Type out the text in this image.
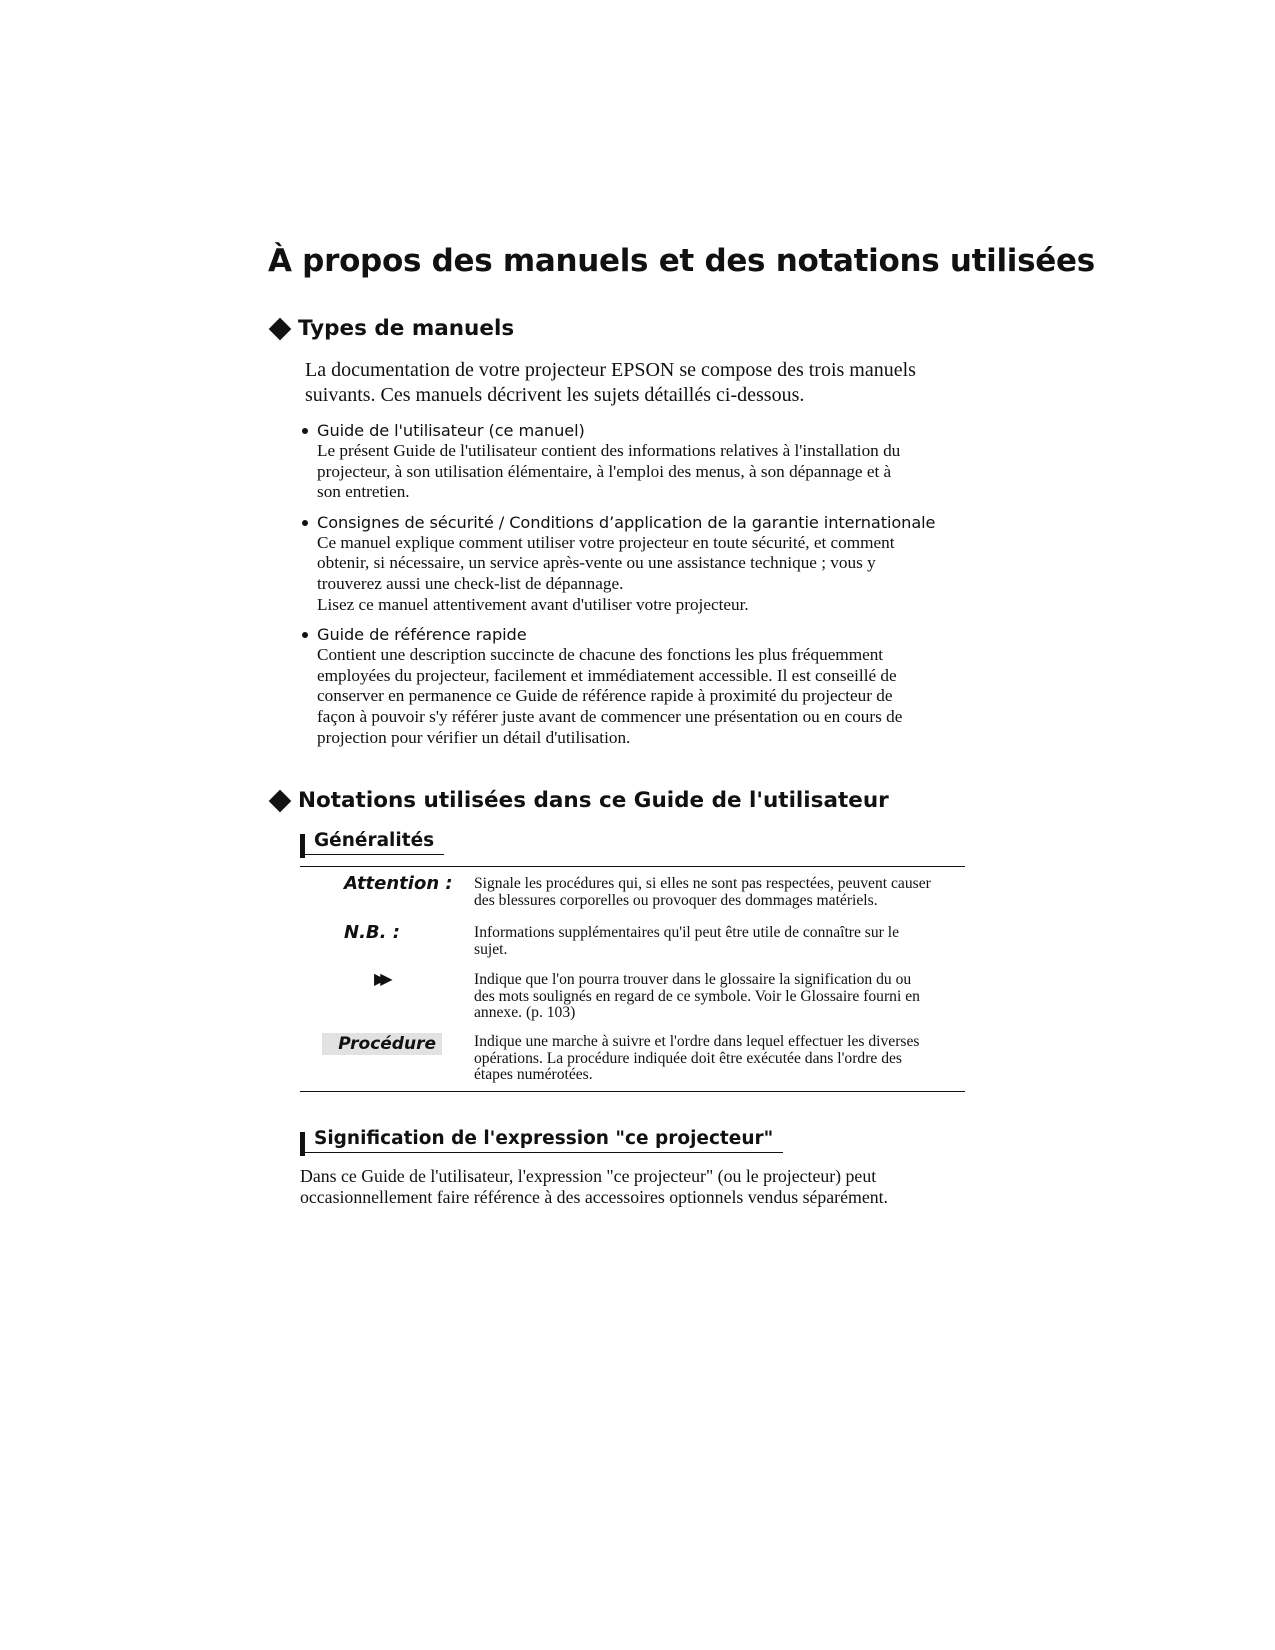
À propos des manuels et des notations utilisées
Types de manuels
La documentation de votre projecteur EPSON se compose des trois manuels
suivants. Ces manuels décrivent les sujets détaillés ci-dessous.
Guide de l'utilisateur (ce manuel)
Le présent Guide de l'utilisateur contient des informations relatives à l'installation du
projecteur, à son utilisation élémentaire, à l'emploi des menus, à son dépannage et à
son entretien.
Consignes de sécurité / Conditions d’application de la garantie internationale
Ce manuel explique comment utiliser votre projecteur en toute sécurité, et comment
obtenir, si nécessaire, un service après-vente ou une assistance technique ; vous y
trouverez aussi une check-list de dépannage.
Lisez ce manuel attentivement avant d'utiliser votre projecteur.
Guide de référence rapide
Contient une description succincte de chacune des fonctions les plus fréquemment
employées du projecteur, facilement et immédiatement accessible. Il est conseillé de
conserver en permanence ce Guide de référence rapide à proximité du projecteur de
façon à pouvoir s'y référer juste avant de commencer une présentation ou en cours de
projection pour vérifier un détail d'utilisation.
Notations utilisées dans ce Guide de l'utilisateur
Généralités
Attention : Signale les procédures qui, si elles ne sont pas respectées, peuvent causer
des blessures corporelles ou provoquer des dommages matériels.
N.B. :	Informations supplémentaires qu'il peut être utile de connaître sur le
sujet.
▶▶	Indique que l'on pourra trouver dans le glossaire la signification du ou
des mots soulignés en regard de ce symbole. Voir le Glossaire fourni en
annexe. (p. 103)
Procédure Indique une marche à suivre et l'ordre dans lequel effectuer les diverses
opérations. La procédure indiquée doit être exécutée dans l'ordre des
étapes numérotées.
Signification de l'expression "ce projecteur"
Dans ce Guide de l'utilisateur, l'expression "ce projecteur" (ou le projecteur) peut
occasionnellement faire référence à des accessoires optionnels vendus séparément.
